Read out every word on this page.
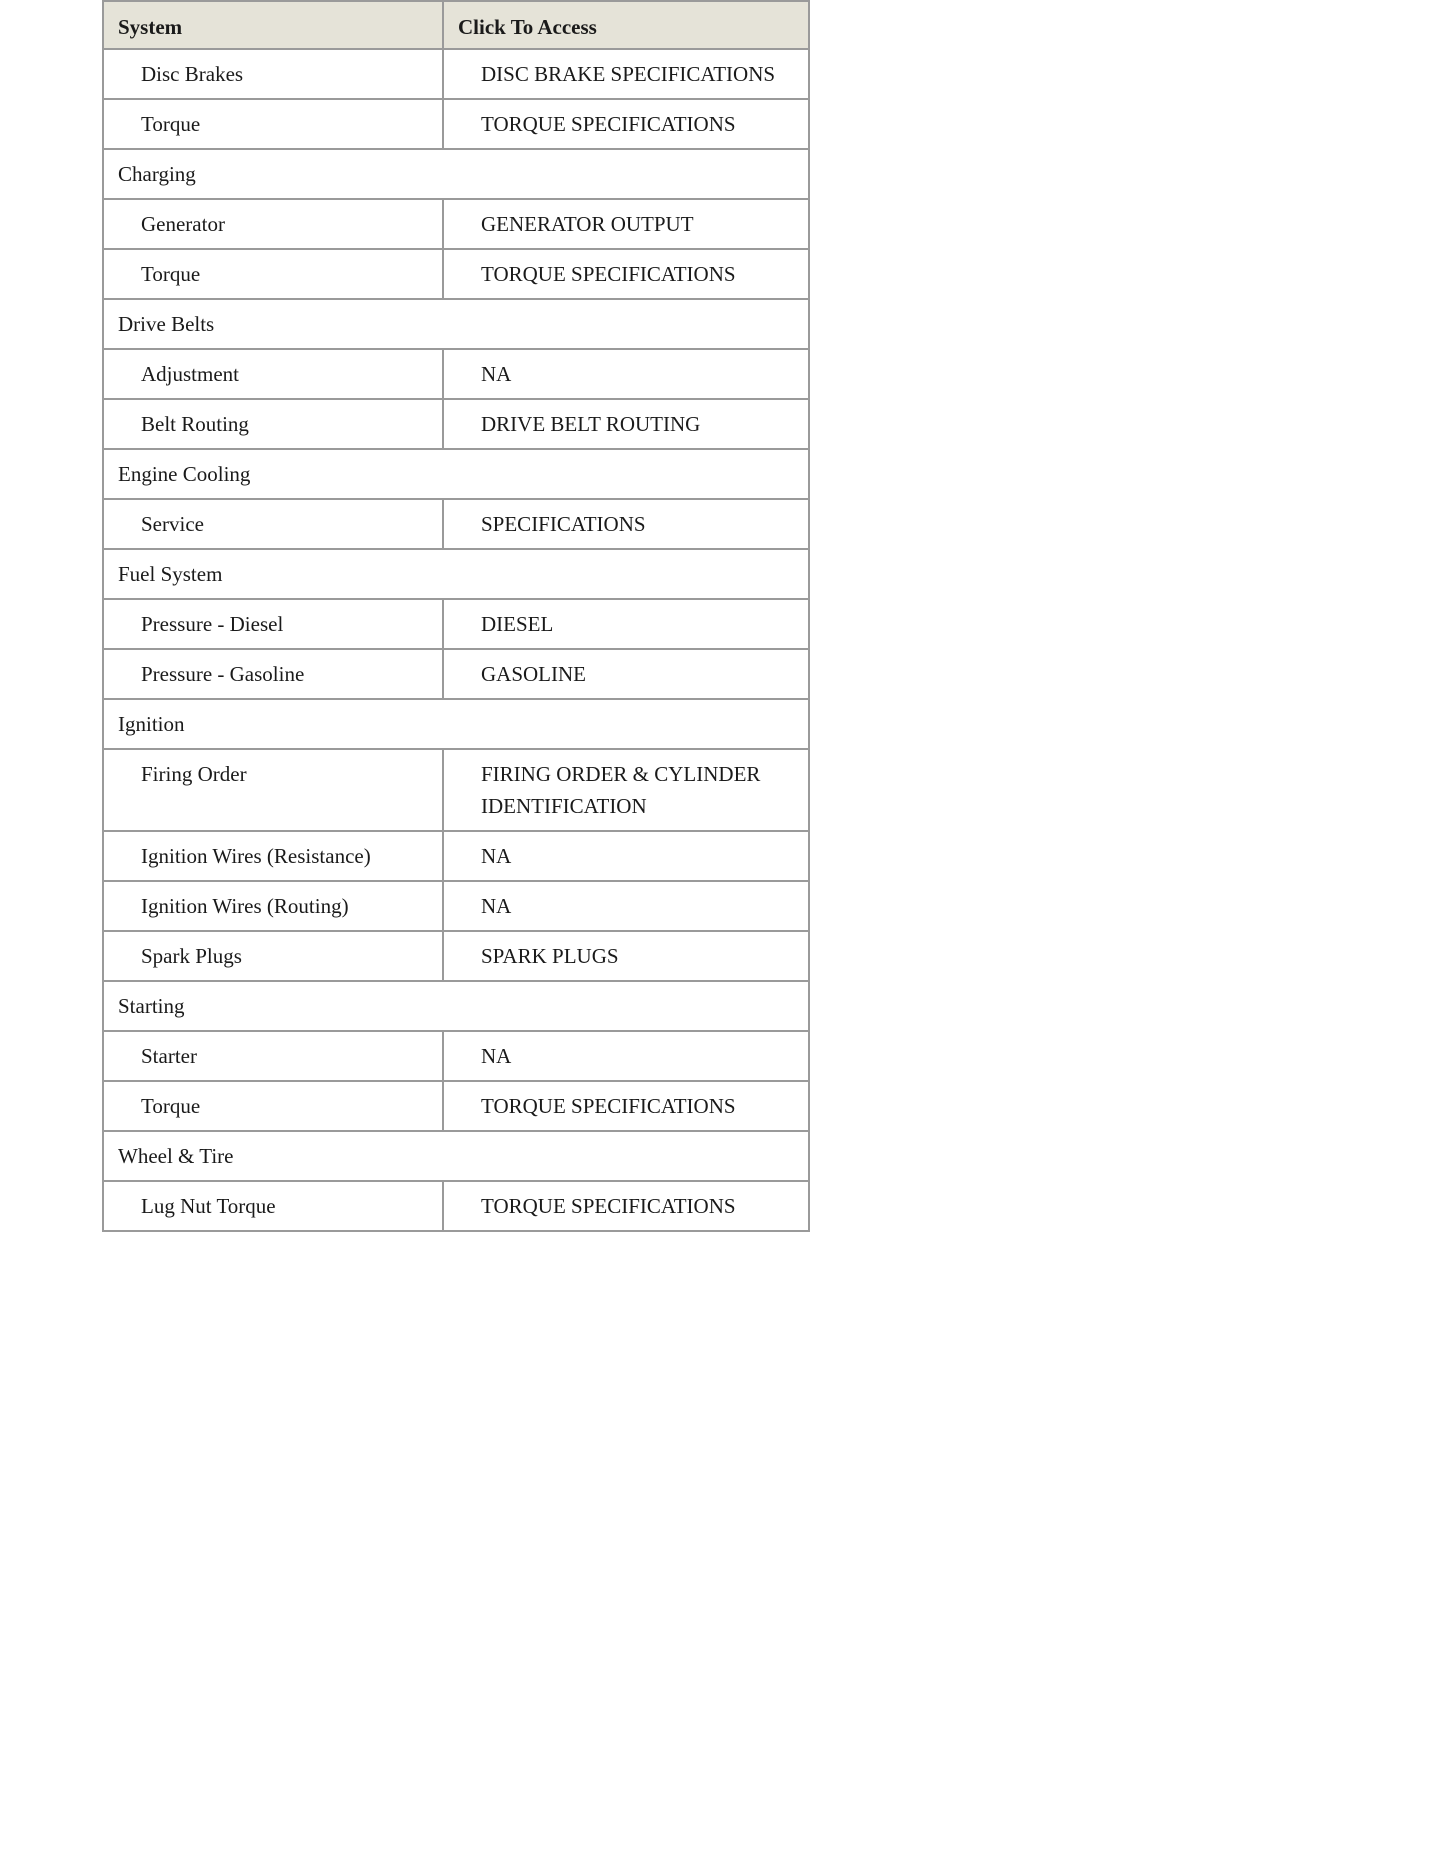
System	Click To Access
Disc Brakes	DISC BRAKE SPECIFICATIONS
Torque	TORQUE SPECIFICATIONS
Charging	
Generator	GENERATOR OUTPUT
Torque	TORQUE SPECIFICATIONS
Drive Belts	
Adjustment	NA
Belt Routing	DRIVE BELT ROUTING
Engine Cooling	
Service	SPECIFICATIONS
Fuel System	
Pressure - Diesel	DIESEL
Pressure - Gasoline	GASOLINE
Ignition	
Firing Order	FIRING ORDER & CYLINDER IDENTIFICATION
Ignition Wires (Resistance)	NA
Ignition Wires (Routing)	NA
Spark Plugs	SPARK PLUGS
Starting	
Starter	NA
Torque	TORQUE SPECIFICATIONS
Wheel & Tire	
Lug Nut Torque	TORQUE SPECIFICATIONS
